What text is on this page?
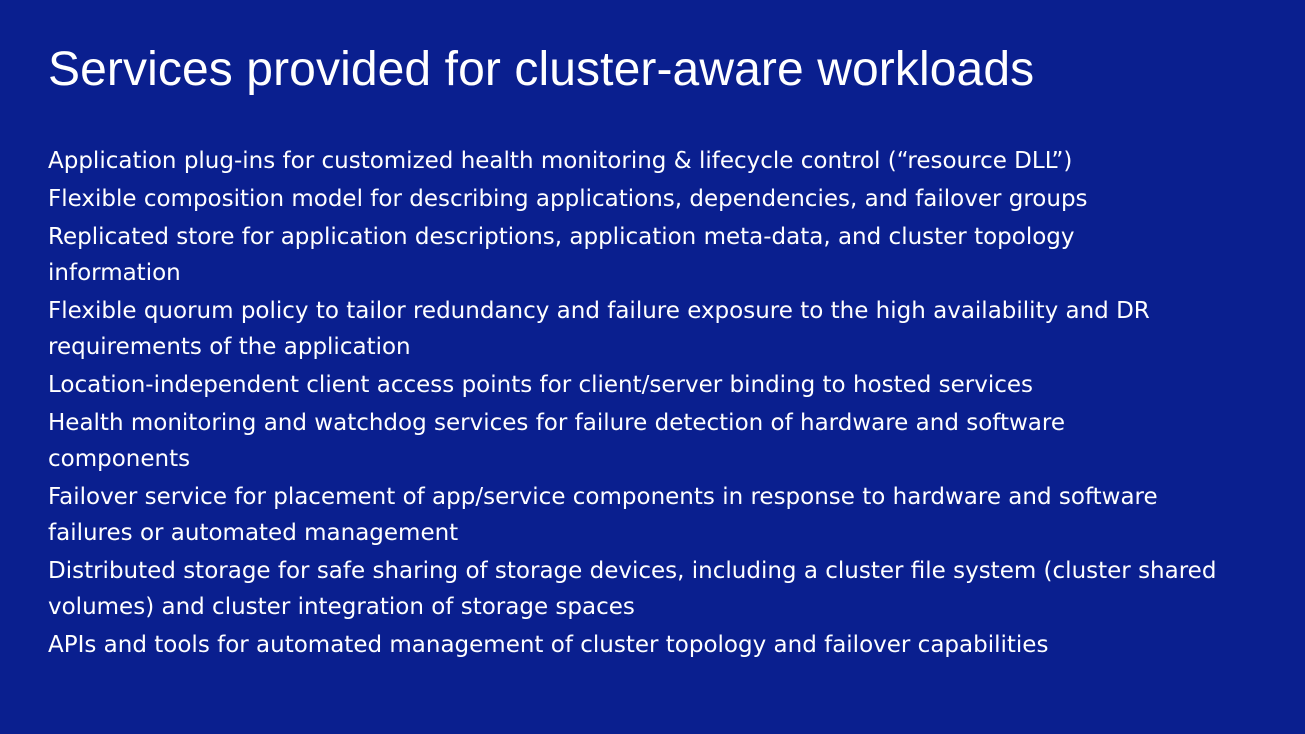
Services provided for cluster-aware workloads
Application plug-ins for customized health monitoring & lifecycle control (“resource DLL”)
Flexible composition model for describing applications, dependencies, and failover groups
Replicated store for application descriptions, application meta-data, and cluster topology information
Flexible quorum policy to tailor redundancy and failure exposure to the high availability and DR requirements of the application
Location-independent client access points for client/server binding to hosted services
Health monitoring and watchdog services for failure detection of hardware and software components
Failover service for placement of app/service components in response to hardware and software failures or automated management
Distributed storage for safe sharing of storage devices, including a cluster file system (cluster shared volumes) and cluster integration of storage spaces
APIs and tools for automated management of cluster topology and failover capabilities
